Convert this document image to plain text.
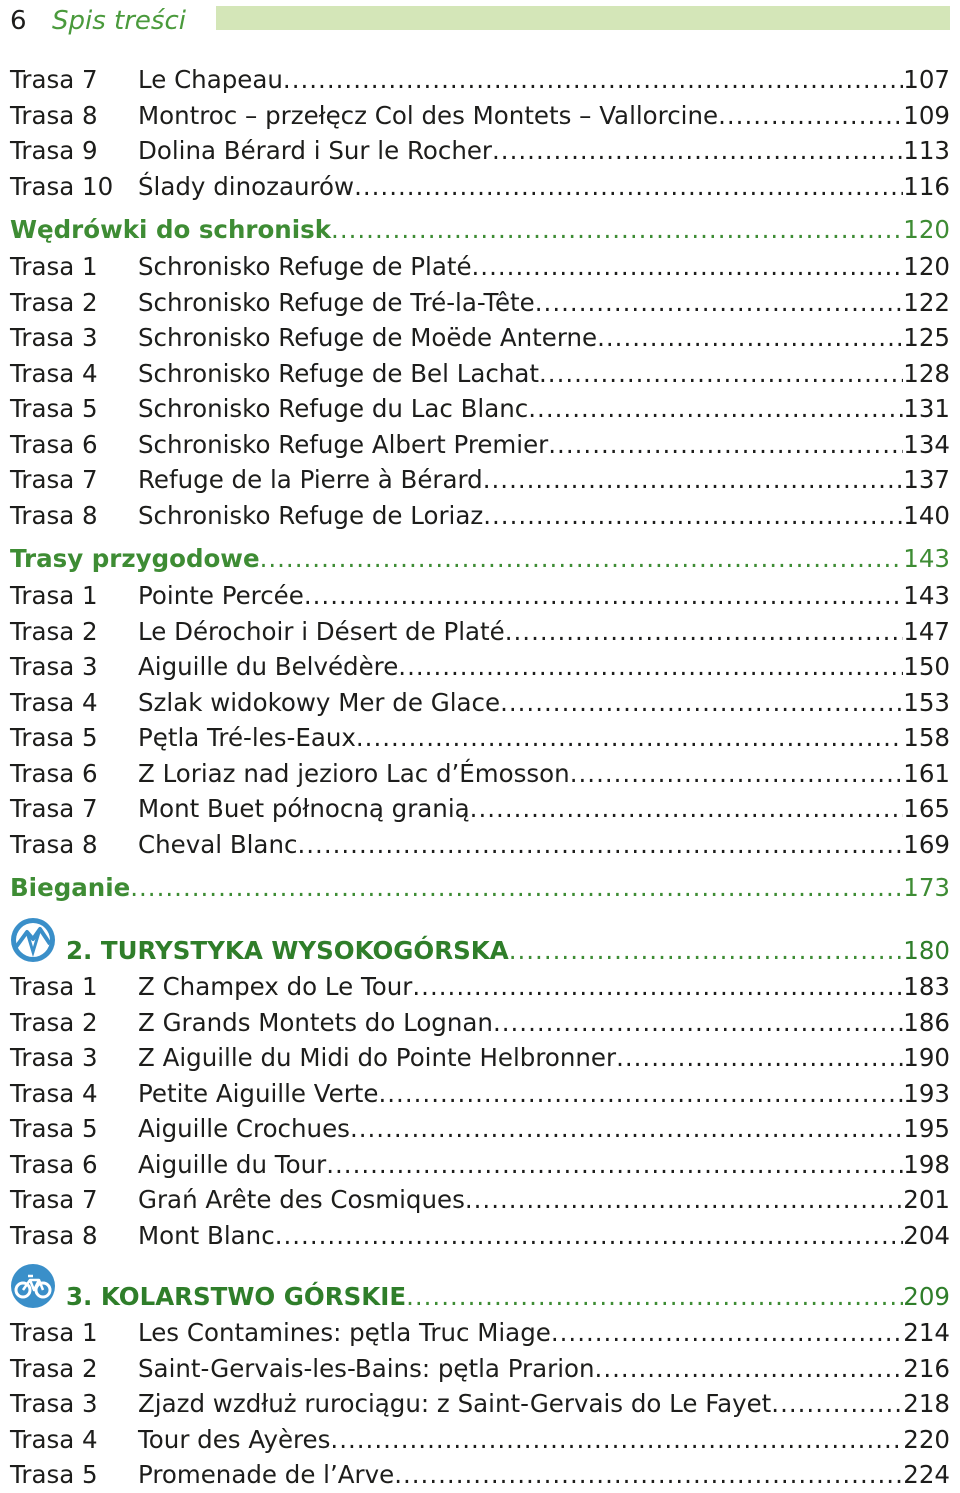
6 Spis treści
Trasa 7	Le Chapeau .....	107
Trasa 8	Montroc – przełęcz Col des Montets – Vallorcine .....	109
Trasa 9	Dolina Bérard i Sur le Rocher .....	113
Trasa 10	Ślady dinozaurów .....	116
Wędrówki do schronisk .....	120
Trasa 1	Schronisko Refuge de Platé .....	120
Trasa 2	Schronisko Refuge de Tré-la-Tête .....	122
Trasa 3	Schronisko Refuge de Moëde Anterne .....	125
Trasa 4	Schronisko Refuge de Bel Lachat .....	128
Trasa 5	Schronisko Refuge du Lac Blanc .....	131
Trasa 6	Schronisko Refuge Albert Premier .....	134
Trasa 7	Refuge de la Pierre à Bérard .....	137
Trasa 8	Schronisko Refuge de Loriaz .....	140
Trasy przygodowe .....	143
Trasa 1	Pointe Percée .....	143
Trasa 2	Le Dérochoir i Désert de Platé .....	147
Trasa 3	Aiguille du Belvédère .....	150
Trasa 4	Szlak widokowy Mer de Glace .....	153
Trasa 5	Pętla Tré-les-Eaux .....	158
Trasa 6	Z Loriaz nad jezioro Lac d’Émosson .....	161
Trasa 7	Mont Buet północną granią .....	165
Trasa 8	Cheval Blanc .....	169
Bieganie .....	173
2. TURYSTYKA WYSOKOGÓRSKA .....	180
Trasa 1	Z Champex do Le Tour .....	183
Trasa 2	Z Grands Montets do Lognan .....	186
Trasa 3	Z Aiguille du Midi do Pointe Helbronner .....	190
Trasa 4	Petite Aiguille Verte .....	193
Trasa 5	Aiguille Crochues .....	195
Trasa 6	Aiguille du Tour .....	198
Trasa 7	Grań Arête des Cosmiques .....	201
Trasa 8	Mont Blanc .....	204
3. KOLARSTWO GÓRSKIE .....	209
Trasa 1	Les Contamines: pętla Truc Miage .....	214
Trasa 2	Saint-Gervais-les-Bains: pętla Prarion .....	216
Trasa 3	Zjazd wzdłuż rurociągu: z Saint-Gervais do Le Fayet .....	218
Trasa 4	Tour des Ayères .....	220
Trasa 5	Promenade de l’Arve .....	224
